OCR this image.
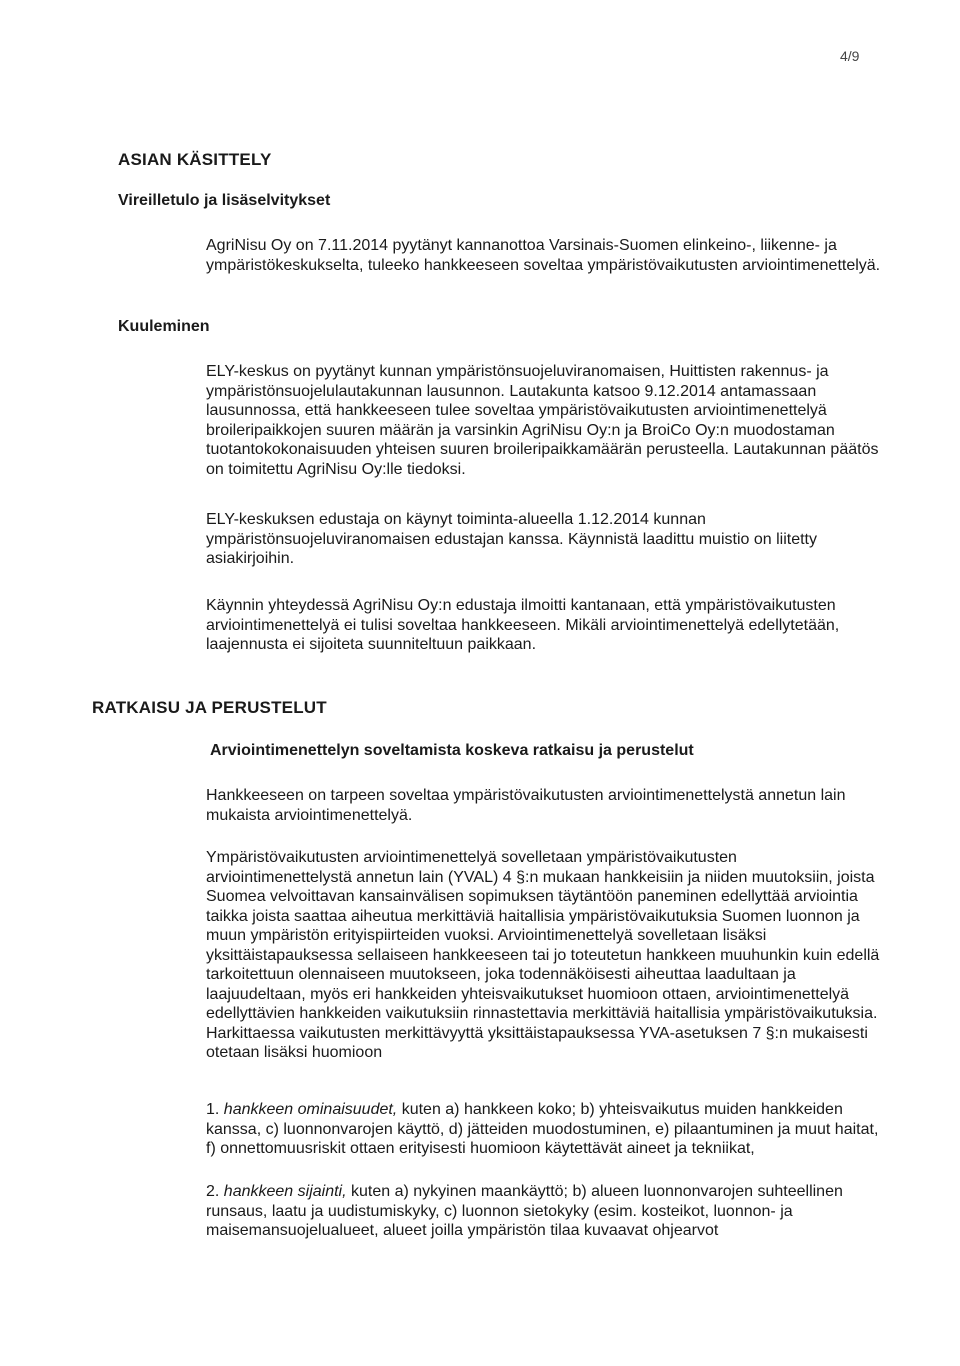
4/9
ASIAN KÄSITTELY
Vireilletulo ja lisäselvitykset

AgriNisu Oy on 7.11.2014 pyytänyt kannanottoa Varsinais-Suomen elinkeino-, liikenne- ja ympäristökeskukselta, tuleeko hankkeeseen soveltaa ympäristövaikutusten arviointimenettelyä.

Kuuleminen

ELY-keskus on pyytänyt kunnan ympäristönsuojeluviranomaisen, Huittisten rakennus- ja ympäristönsuojelulautakunnan lausunnon. Lautakunta katsoo 9.12.2014 antamassaan lausunnossa, että hankkeeseen tulee soveltaa ympäristövaikutusten arviointimenettelyä broileripaikkojen suuren määrän ja varsinkin AgriNisu Oy:n ja BroiCo Oy:n muodostaman tuotantokokonaisuuden yhteisen suuren broileripaikkamäärän perusteella. Lautakunnan päätös on toimitettu AgriNisu Oy:lle tiedoksi.

ELY-keskuksen edustaja on käynyt toiminta-alueella 1.12.2014 kunnan ympäristönsuojeluviranomaisen edustajan kanssa. Käynnistä laadittu muistio on liitetty asiakirjoihin.

Käynnin yhteydessä AgriNisu Oy:n edustaja ilmoitti kantanaan, että ympäristövaikutusten arviointimenettelyä ei tulisi soveltaa hankkeeseen. Mikäli arviointimenettelyä edellytetään, laajennusta ei sijoiteta suunniteltuun paikkaan.

RATKAISU JA PERUSTELUT
Arviointimenettelyn soveltamista koskeva ratkaisu ja perustelut

Hankkeeseen on tarpeen soveltaa ympäristövaikutusten arviointimenettelystä annetun lain mukaista arviointimenettelyä.

Ympäristövaikutusten arviointimenettelyä sovelletaan ympäristövaikutusten arviointimenettelystä annetun lain (YVAL) 4 §:n mukaan hankkeisiin ja niiden muutoksiin, joista Suomea velvoittavan kansainvälisen sopimuksen täytäntöön paneminen edellyttää arviointia taikka joista saattaa aiheutua merkittäviä haitallisia ympäristövaikutuksia Suomen luonnon ja muun ympäristön erityispiirteiden vuoksi. Arviointimenettelyä sovelletaan lisäksi yksittäistapauksessa sellaiseen hankkeeseen tai jo toteutetun hankkeen muuhunkin kuin edellä tarkoitettuun olennaiseen muutokseen, joka todennäköisesti aiheuttaa laadultaan ja laajuudeltaan, myös eri hankkeiden yhteisvaikutukset huomioon ottaen, arviointimenettelyä edellyttävien hankkeiden vaikutuksiin rinnastettavia merkittäviä haitallisia ympäristövaikutuksia. Harkittaessa vaikutusten merkittävyyttä yksittäistapauksessa YVA-asetuksen 7 §:n mukaisesti otetaan lisäksi huomioon

1. hankkeen ominaisuudet, kuten a) hankkeen koko; b) yhteisvaikutus muiden hankkeiden kanssa, c) luonnonvarojen käyttö, d) jätteiden muodostuminen, e) pilaantuminen ja muut haitat, f) onnettomuusriskit ottaen erityisesti huomioon käytettävät aineet ja tekniikat,

2. hankkeen sijainti, kuten a) nykyinen maankäyttö; b) alueen luonnonvarojen suhteellinen runsaus, laatu ja uudistumiskyky, c) luonnon sietokyky (esim. kosteikot, luonnon- ja maisemansuojelualueet, alueet joilla ympäristön tilaa kuvaavat ohjearvot
